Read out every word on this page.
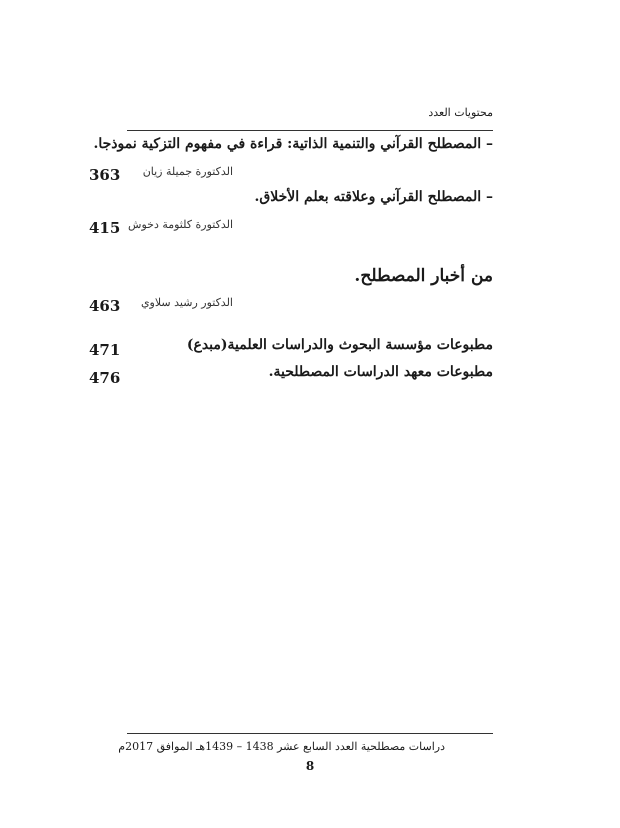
محتويات العدد
– المصطلح القرآني والتنمية الذاتية: قراءة في مفهوم التزكية نموذجا.
الدكتورة جميلة زيان
363
– المصطلح القرآني وعلاقته بعلم الأخلاق.
الدكتورة كلثومة دخوش
415
من أخبار المصطلح.
الدكتور رشيد سلاوي
463
مطبوعات مؤسسة البحوث والدراسات العلمية(مبدع)
471
مطبوعات معهد الدراسات المصطلحية.
476
دراسات مصطلحية العدد السابع عشر 1438 – 1439هـ الموافق 2017م
8
